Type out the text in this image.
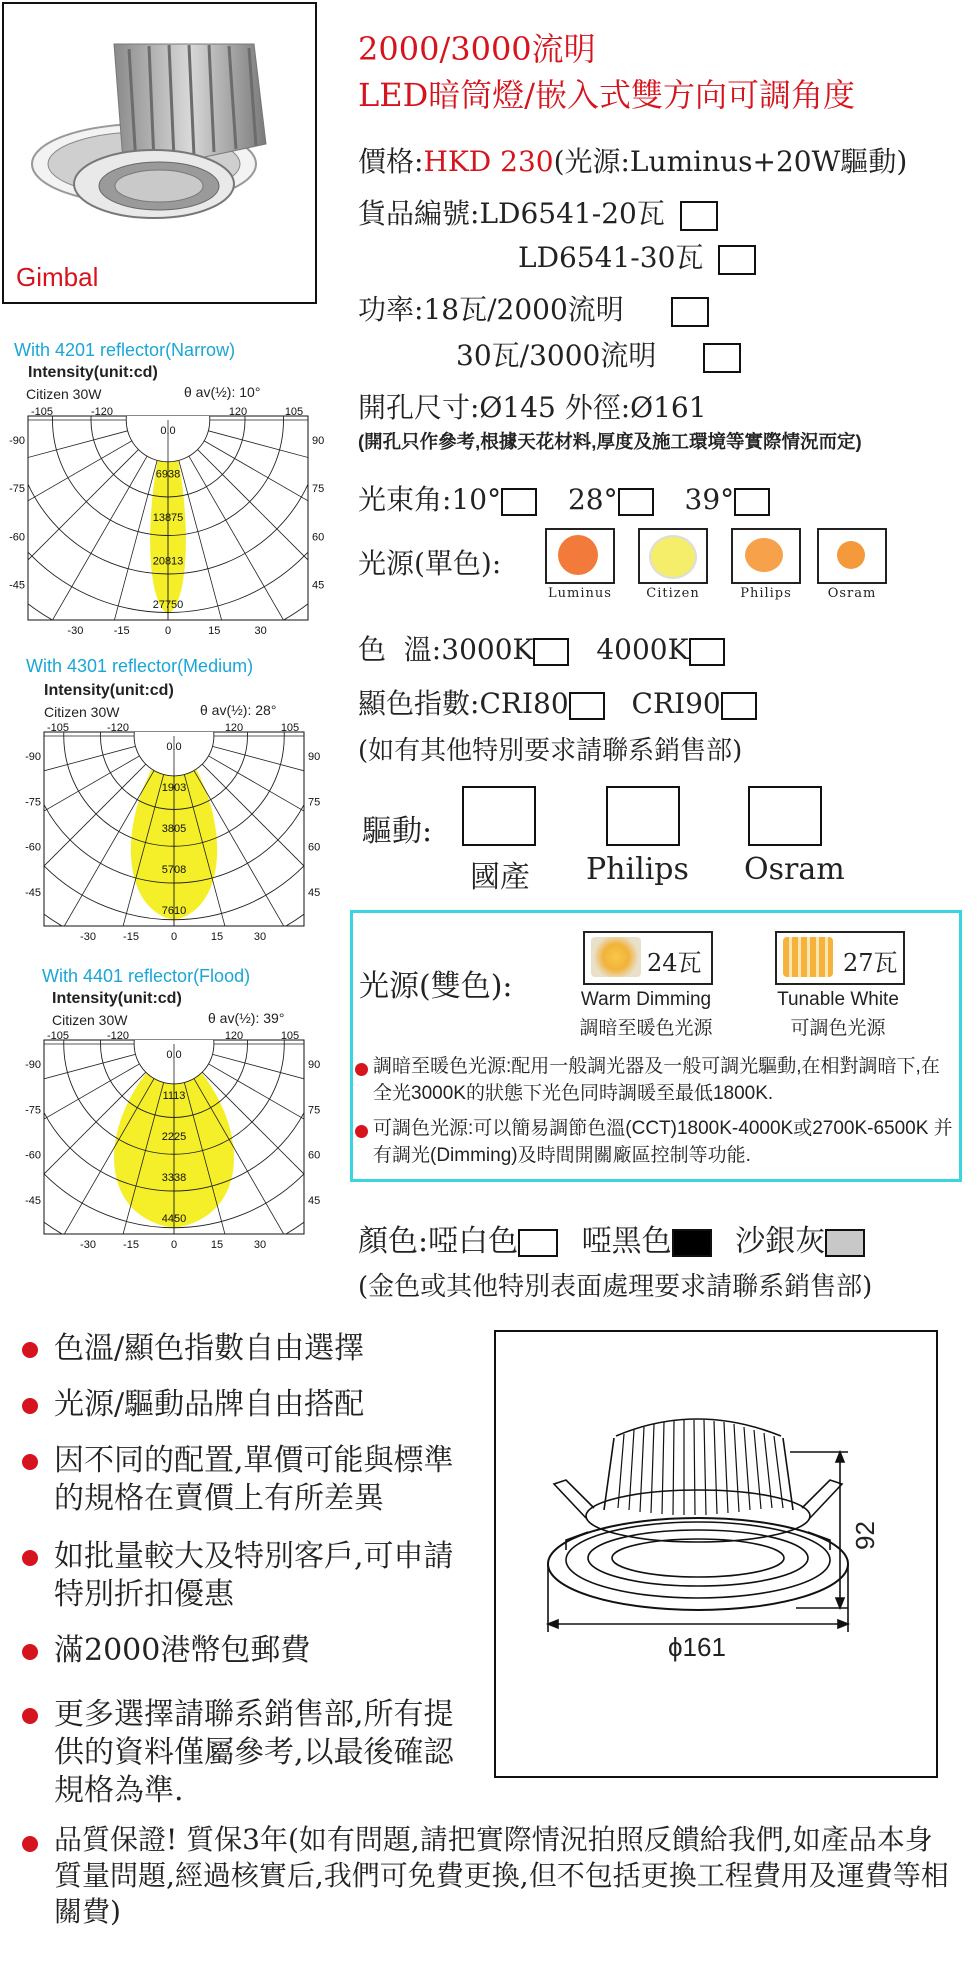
Gimbal
2000/3000流明
LED暗筒燈/嵌入式雙方向可調角度
價格:HKD 230(光源:Luminus+20W驅動)
貨品編號:LD6541-20瓦
LD6541-30瓦
功率:18瓦/2000流明
30瓦/3000流明
開孔尺寸:Ø145 外徑:Ø161
(開孔只作參考,根據天花材料,厚度及施工環境等實際情況而定)
光束角:10° 28° 39°
光源(單色):
Luminus	Citizen	Philips	Osram
色  溫:3000K 4000K
顯色指數:CRI80 CRI90
(如有其他特別要求請聯系銷售部)
驅動:
國產 Philips Osram
光源(雙色):
24瓦	27瓦
Warm Dimming
調暗至暖色光源
Tunable White
可調色光源
調暗至暖色光源:配用一般調光器及一般可調光驅動,在相對調暗下,在全光3000K的狀態下光色同時調暖至最低1800K.
可調色光源:可以簡易調節色溫(CCT)1800K-4000K或2700K-6500K 并有調光(Dimming)及時間開關廠區控制等功能.
顏色:啞白色 啞黑色 沙銀灰
(金色或其他特別表面處理要求請聯系銷售部)
With 4201 reflector(Narrow)
Intensity(unit:cd)
Citizen 30W	θ av(½): 10°
0.0
6938
13875
20813
27750
-105	-120	120	105
-90
-75
-60
-45
90
75
60
45
-30	-15	0	15	30
With 4301 reflector(Medium)
Intensity(unit:cd)
Citizen 30W	θ av(½): 28°
0.0
1903
3805
5708
7610
-105	-120	120	105
-90
-75
-60
-45
90
75
60
45
-30 -15	0	15	30
With 4401 reflector(Flood)
Intensity(unit:cd)
Citizen 30W	θ av(½): 39°
0.0
1113
2225
3338
4450
-105	-120	120	105
-90
-75
-60
-45
90
75
60
45
-30 -15	0	15	30
色溫/顯色指數自由選擇
光源/驅動品牌自由搭配
因不同的配置,單價可能與標準的規格在賣價上有所差異
如批量較大及特別客戶,可申請特別折扣優惠
滿2000港幣包郵費
更多選擇請聯系銷售部,所有提供的資料僅屬參考,以最後確認規格為準.
92
ϕ161
品質保證! 質保3年(如有問題,請把實際情況拍照反饋給我們,如產品本身質量問題,經過核實后,我們可免費更換,但不包括更換工程費用及運費等相關費)
